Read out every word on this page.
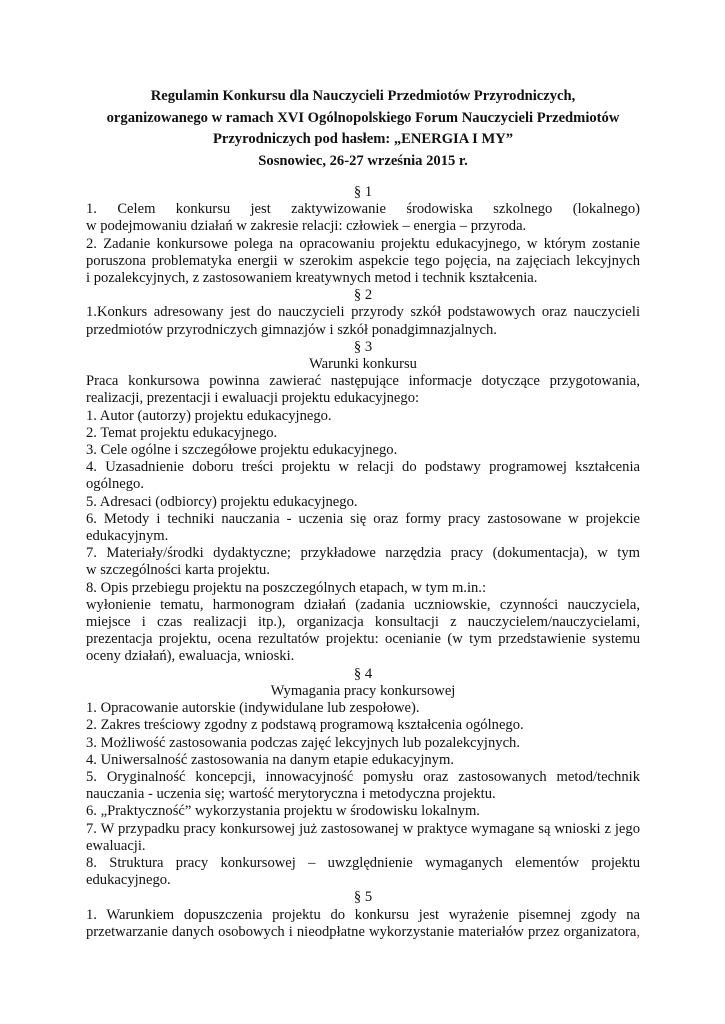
Regulamin Konkursu dla Nauczycieli Przedmiotów Przyrodniczych,
organizowanego w ramach XVI Ogólnopolskiego Forum Nauczycieli Przedmiotów
Przyrodniczych pod hasłem: „ENERGIA I MY”
Sosnowiec, 26-27 września 2015 r.
§ 1
1. Celem konkursu jest zaktywizowanie środowiska szkolnego (lokalnego)
w podejmowaniu działań w zakresie relacji: człowiek – energia – przyroda.
2. Zadanie konkursowe polega na opracowaniu projektu edukacyjnego, w którym zostanie
poruszona problematyka energii w szerokim aspekcie tego pojęcia, na zajęciach lekcyjnych
i pozalekcyjnych, z zastosowaniem kreatywnych metod i technik kształcenia.
§ 2
1.Konkurs adresowany jest do nauczycieli przyrody szkół podstawowych oraz nauczycieli
przedmiotów przyrodniczych gimnazjów i szkół ponadgimnazjalnych.
§ 3
Warunki konkursu
Praca konkursowa powinna zawierać następujące informacje dotyczące przygotowania,
realizacji, prezentacji i ewaluacji projektu edukacyjnego:
1. Autor (autorzy) projektu edukacyjnego.
2. Temat projektu edukacyjnego.
3. Cele ogólne i szczegółowe projektu edukacyjnego.
4. Uzasadnienie doboru treści projektu w relacji do podstawy programowej kształcenia
ogólnego.
5. Adresaci (odbiorcy) projektu edukacyjnego.
6. Metody i techniki nauczania - uczenia się oraz formy pracy zastosowane w projekcie
edukacyjnym.
7. Materiały/środki dydaktyczne; przykładowe narzędzia pracy (dokumentacja), w tym
w szczególności karta projektu.
8. Opis przebiegu projektu na poszczególnych etapach, w tym m.in.:
wyłonienie tematu, harmonogram działań (zadania uczniowskie, czynności nauczyciela,
miejsce i czas realizacji itp.), organizacja konsultacji z nauczycielem/nauczycielami,
prezentacja projektu, ocena rezultatów projektu: ocenianie (w tym przedstawienie systemu
oceny działań), ewaluacja, wnioski.
§ 4
Wymagania pracy konkursowej
1. Opracowanie autorskie (indywidulane lub zespołowe).
2. Zakres treściowy zgodny z podstawą programową kształcenia ogólnego.
3. Możliwość zastosowania podczas zajęć lekcyjnych lub pozalekcyjnych.
4. Uniwersalność zastosowania na danym etapie edukacyjnym.
5. Oryginalność koncepcji, innowacyjność pomysłu oraz zastosowanych metod/technik
nauczania - uczenia się; wartość merytoryczna i metodyczna projektu.
6. „Praktyczność” wykorzystania projektu w środowisku lokalnym.
7. W przypadku pracy konkursowej już zastosowanej w praktyce wymagane są wnioski z jego
ewaluacji.
8. Struktura pracy konkursowej – uwzględnienie wymaganych elementów projektu
edukacyjnego.
§ 5
1. Warunkiem dopuszczenia projektu do konkursu jest wyrażenie pisemnej zgody na
przetwarzanie danych osobowych i nieodpłatne wykorzystanie materiałów przez organizatora,
